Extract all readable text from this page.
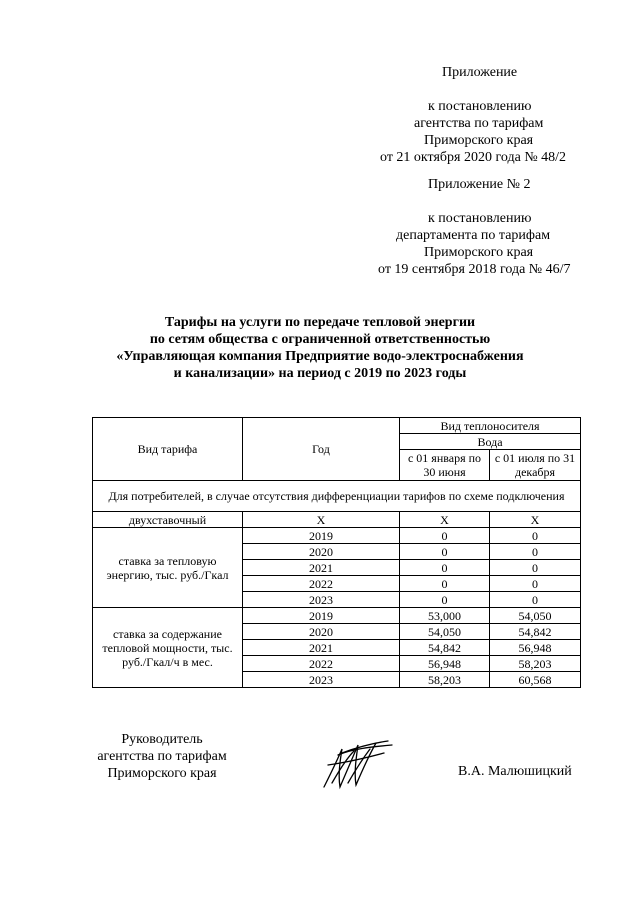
Приложение
к постановлению
агентства по тарифам
Приморского края
от 21 октября 2020 года № 48/2
Приложение № 2
к постановлению
департамента по тарифам
Приморского края
от 19 сентября 2018 года № 46/7
Тарифы на услуги по передаче тепловой энергии
по сетям общества с ограниченной ответственностью
«Управляющая компания Предприятие водо-электроснабжения
и канализации» на период с 2019 по 2023 годы
Вид тарифа	Год	Вид теплоносителя	
		Вода	
		с 01 января по 30 июня	с 01 июля по 31 декабря
Для потребителей, в случае отсутствия дифференциации тарифов по схеме подключения			
двухставочный	X	X	X
ставка за тепловую энергию, тыс. руб./Гкал	2019	0	0
	2020	0	0
	2021	0	0
	2022	0	0
	2023	0	0
ставка за содержание тепловой мощности, тыс. руб./Гкал/ч в мес.	2019	53,000	54,050
	2020	54,050	54,842
	2021	54,842	56,948
	2022	56,948	58,203
	2023	58,203	60,568
Руководитель
агентства по тарифам
Приморского края	В.А. Малюшицкий
